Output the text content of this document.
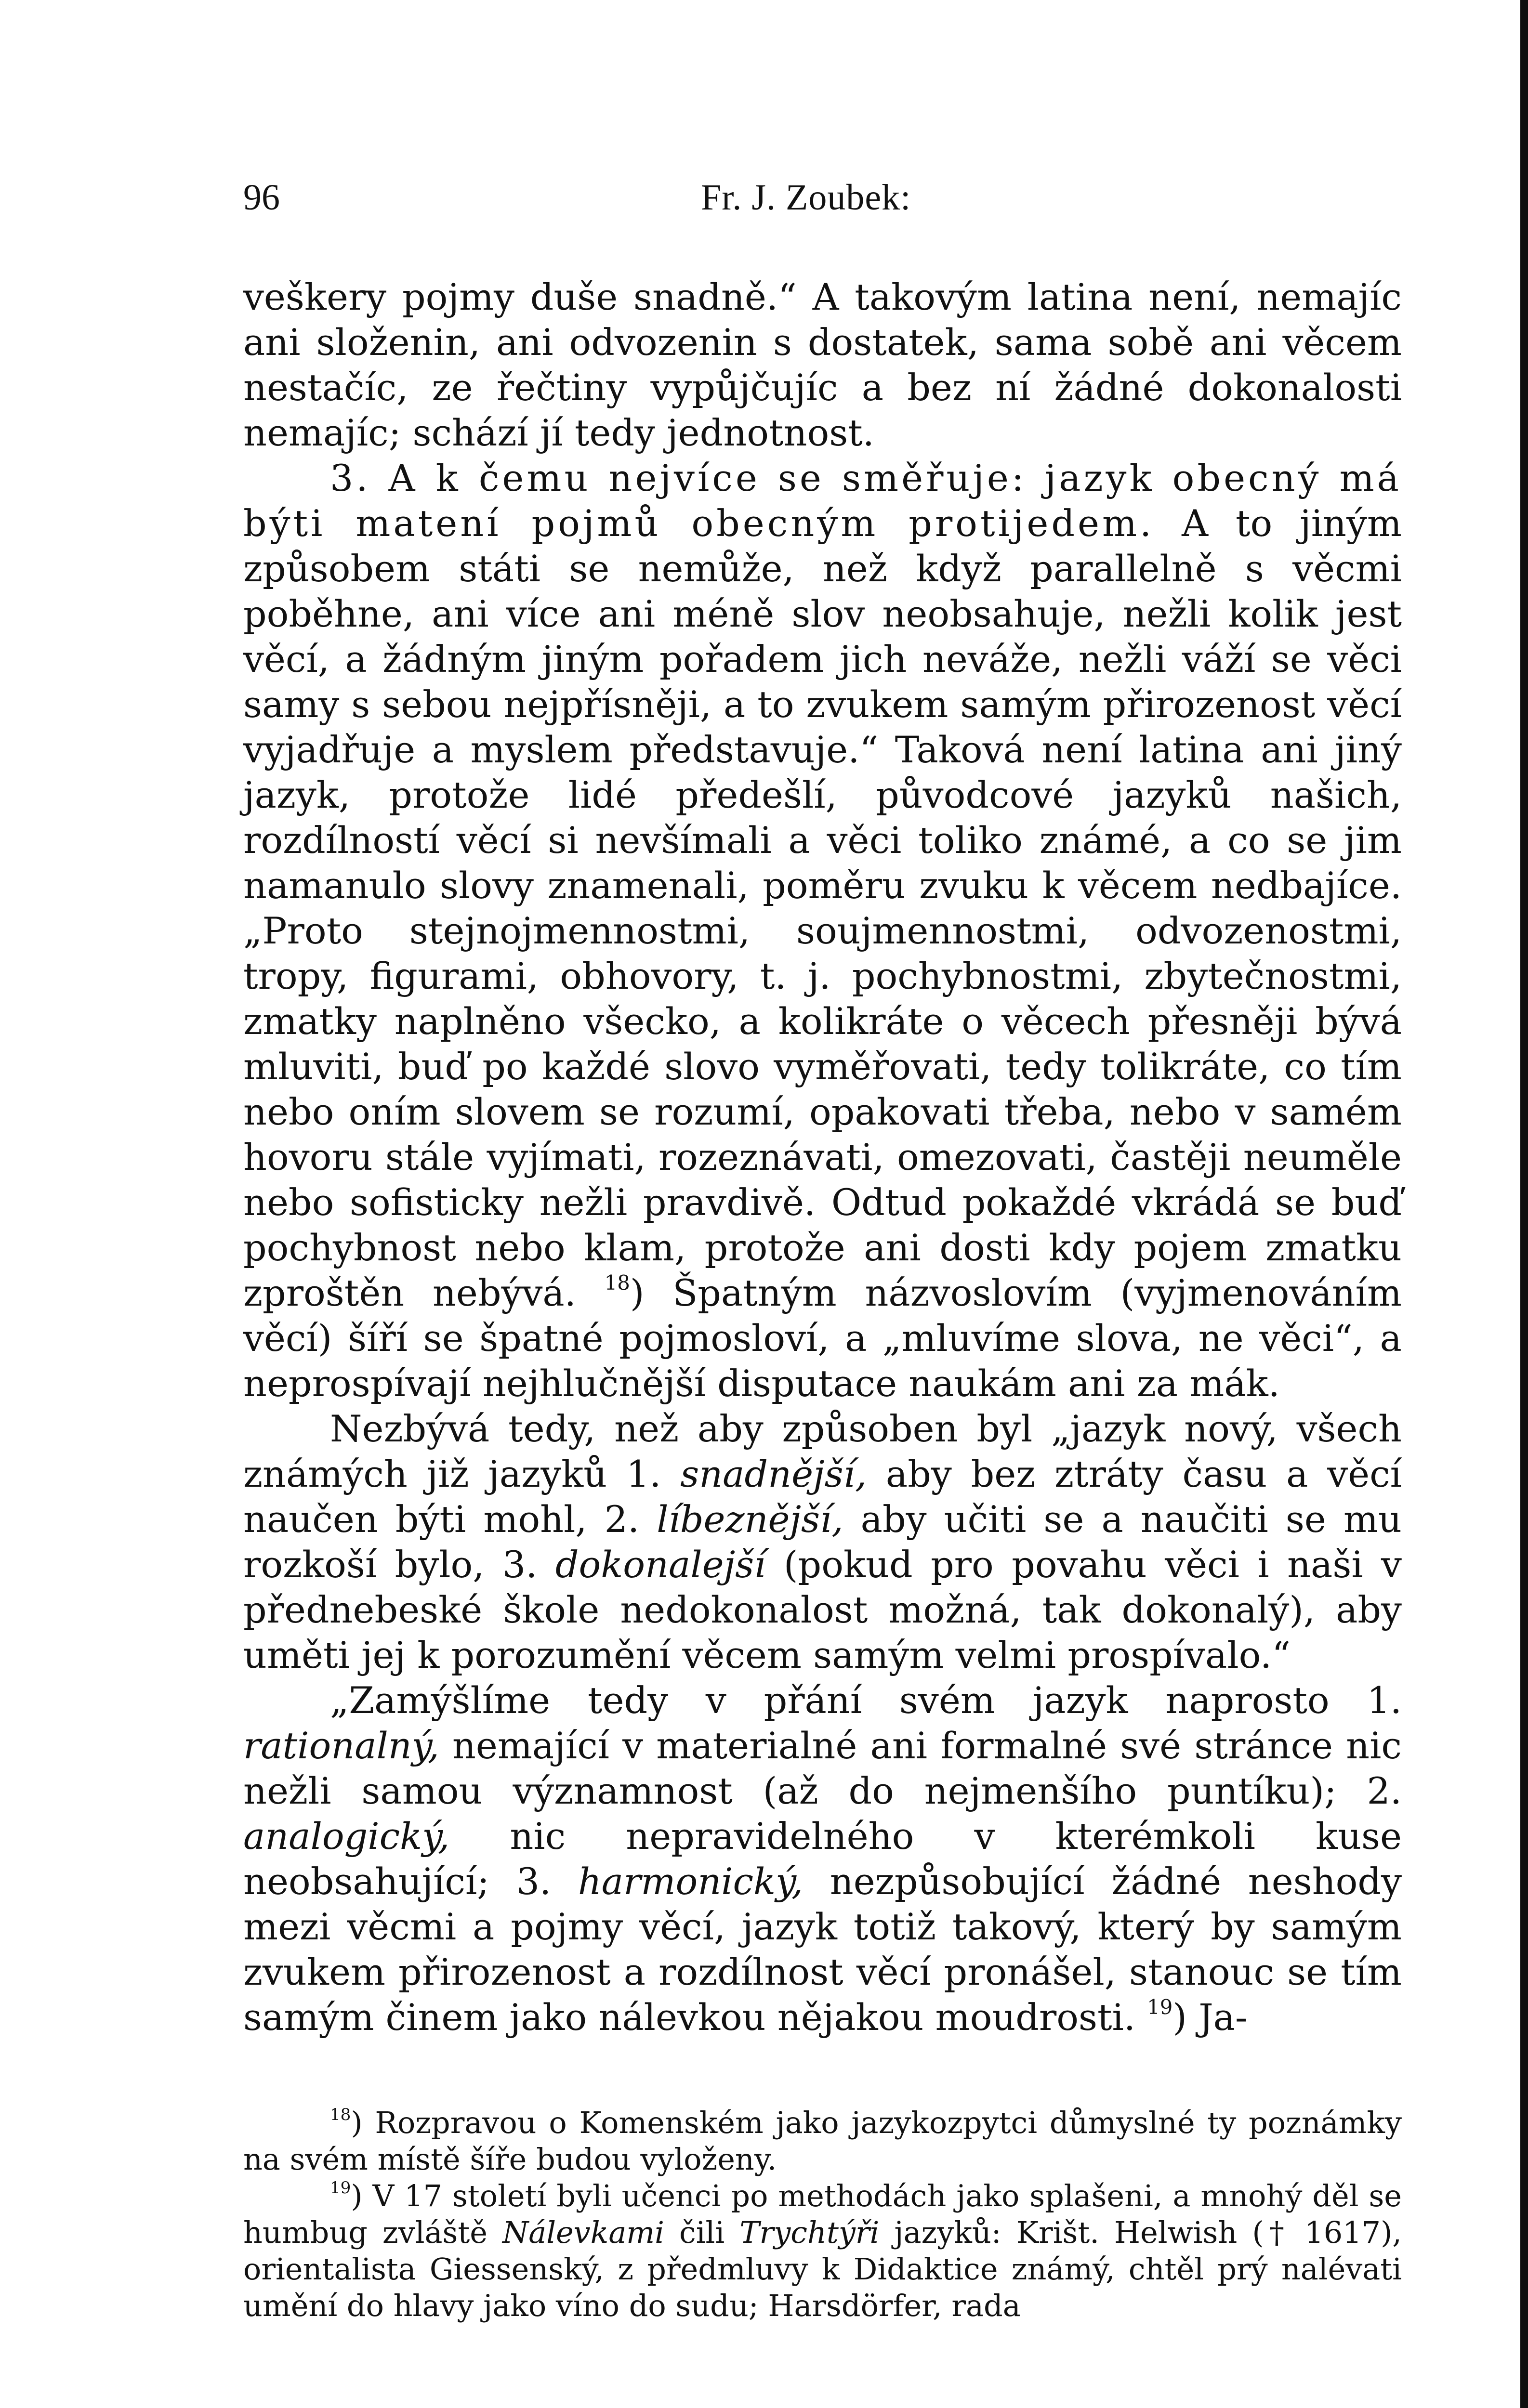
96	Fr. J. Zoubek:

veškery pojmy duše snadně.“ A takovým latina není, nemajíc ani složenin, ani odvozenin s dostatek, sama sobě ani věcem nestačíc, ze řečtiny vypůjčujíc a bez ní žádné dokonalosti nemajíc; schází jí tedy jednotnost.

3. A k čemu nejvíce se směřuje: jazyk obecný má býti matení pojmů obecným protijedem. A to jiným způsobem státi se nemůže, než když parallelně s věcmi poběhne, ani více ani méně slov neobsahuje, nežli kolik jest věcí, a žádným jiným pořadem jich neváže, nežli váží se věci samy s sebou nejpřísněji, a to zvukem samým přirozenost věcí vyjadřuje a myslem představuje.“ Taková není latina ani jiný jazyk, protože lidé předešlí, původcové jazyků našich, rozdílností věcí si nevšímali a věci toliko známé, a co se jim namanulo slovy znamenali, poměru zvuku k věcem nedbajíce. „Proto stejnojmennostmi, soujmennostmi, odvozenostmi, tropy, figurami, obhovory, t. j. pochybnostmi, zbytečnostmi, zmatky naplněno všecko, a kolikráte o věcech přesněji bývá mluviti, buď po každé slovo vyměřovati, tedy tolikráte, co tím nebo oním slovem se rozumí, opakovati třeba, nebo v samém hovoru stále vyjímati, rozeznávati, omezovati, častěji neuměle nebo sofisticky nežli pravdivě. Odtud pokaždé vkrádá se buď pochybnost nebo klam, protože ani dosti kdy pojem zmatku zproštěn nebývá. $^{18}$) Špatným názvoslovím (vyjmenováním věcí) šíří se špatné pojmosloví, a „mluvíme slova, ne věci“, a neprospívají nejhlučnější disputace naukám ani za mák.

Nezbývá tedy, než aby způsoben byl „jazyk nový, všech známých již jazyků 1. snadnější, aby bez ztráty času a věcí naučen býti mohl, 2. líbeznější, aby učiti se a naučiti se mu rozkoší bylo, 3. dokonalejší (pokud pro povahu věci i naši v přednebeské škole nedokonalost možná, tak dokonalý), aby uměti jej k porozumění věcem samým velmi prospívalo.“

„Zamýšlíme tedy v přání svém jazyk naprosto 1. rationalný, nemající v materialné ani formalné své stránce nic nežli samou významnost (až do nejmenšího puntíku); 2. analogický, nic nepravidelného v kterémkoli kuse neobsahující; 3. harmonický, nezpůsobující žádné neshody mezi věcmi a pojmy věcí, jazyk totiž takový, který by samým zvukem přirozenost a rozdílnost věcí pronášel, stanouc se tím samým činem jako nálevkou nějakou moudrosti. $^{19}$) Ja-

$^{18}$) Rozpravou o Komenském jako jazykozpytci důmyslné ty poznámky na svém místě šíře budou vyloženy.

$^{19}$) V 17 století byli učenci po methodách jako splašeni, a mnohý děl se humbug zvláště Nálevkami čili Trychtýři jazyků: Krišt. Helwish († 1617), orientalista Giessenský, z předmluvy k Didaktice známý, chtěl prý nalévati umění do hlavy jako víno do sudu; Harsdörfer, rada
